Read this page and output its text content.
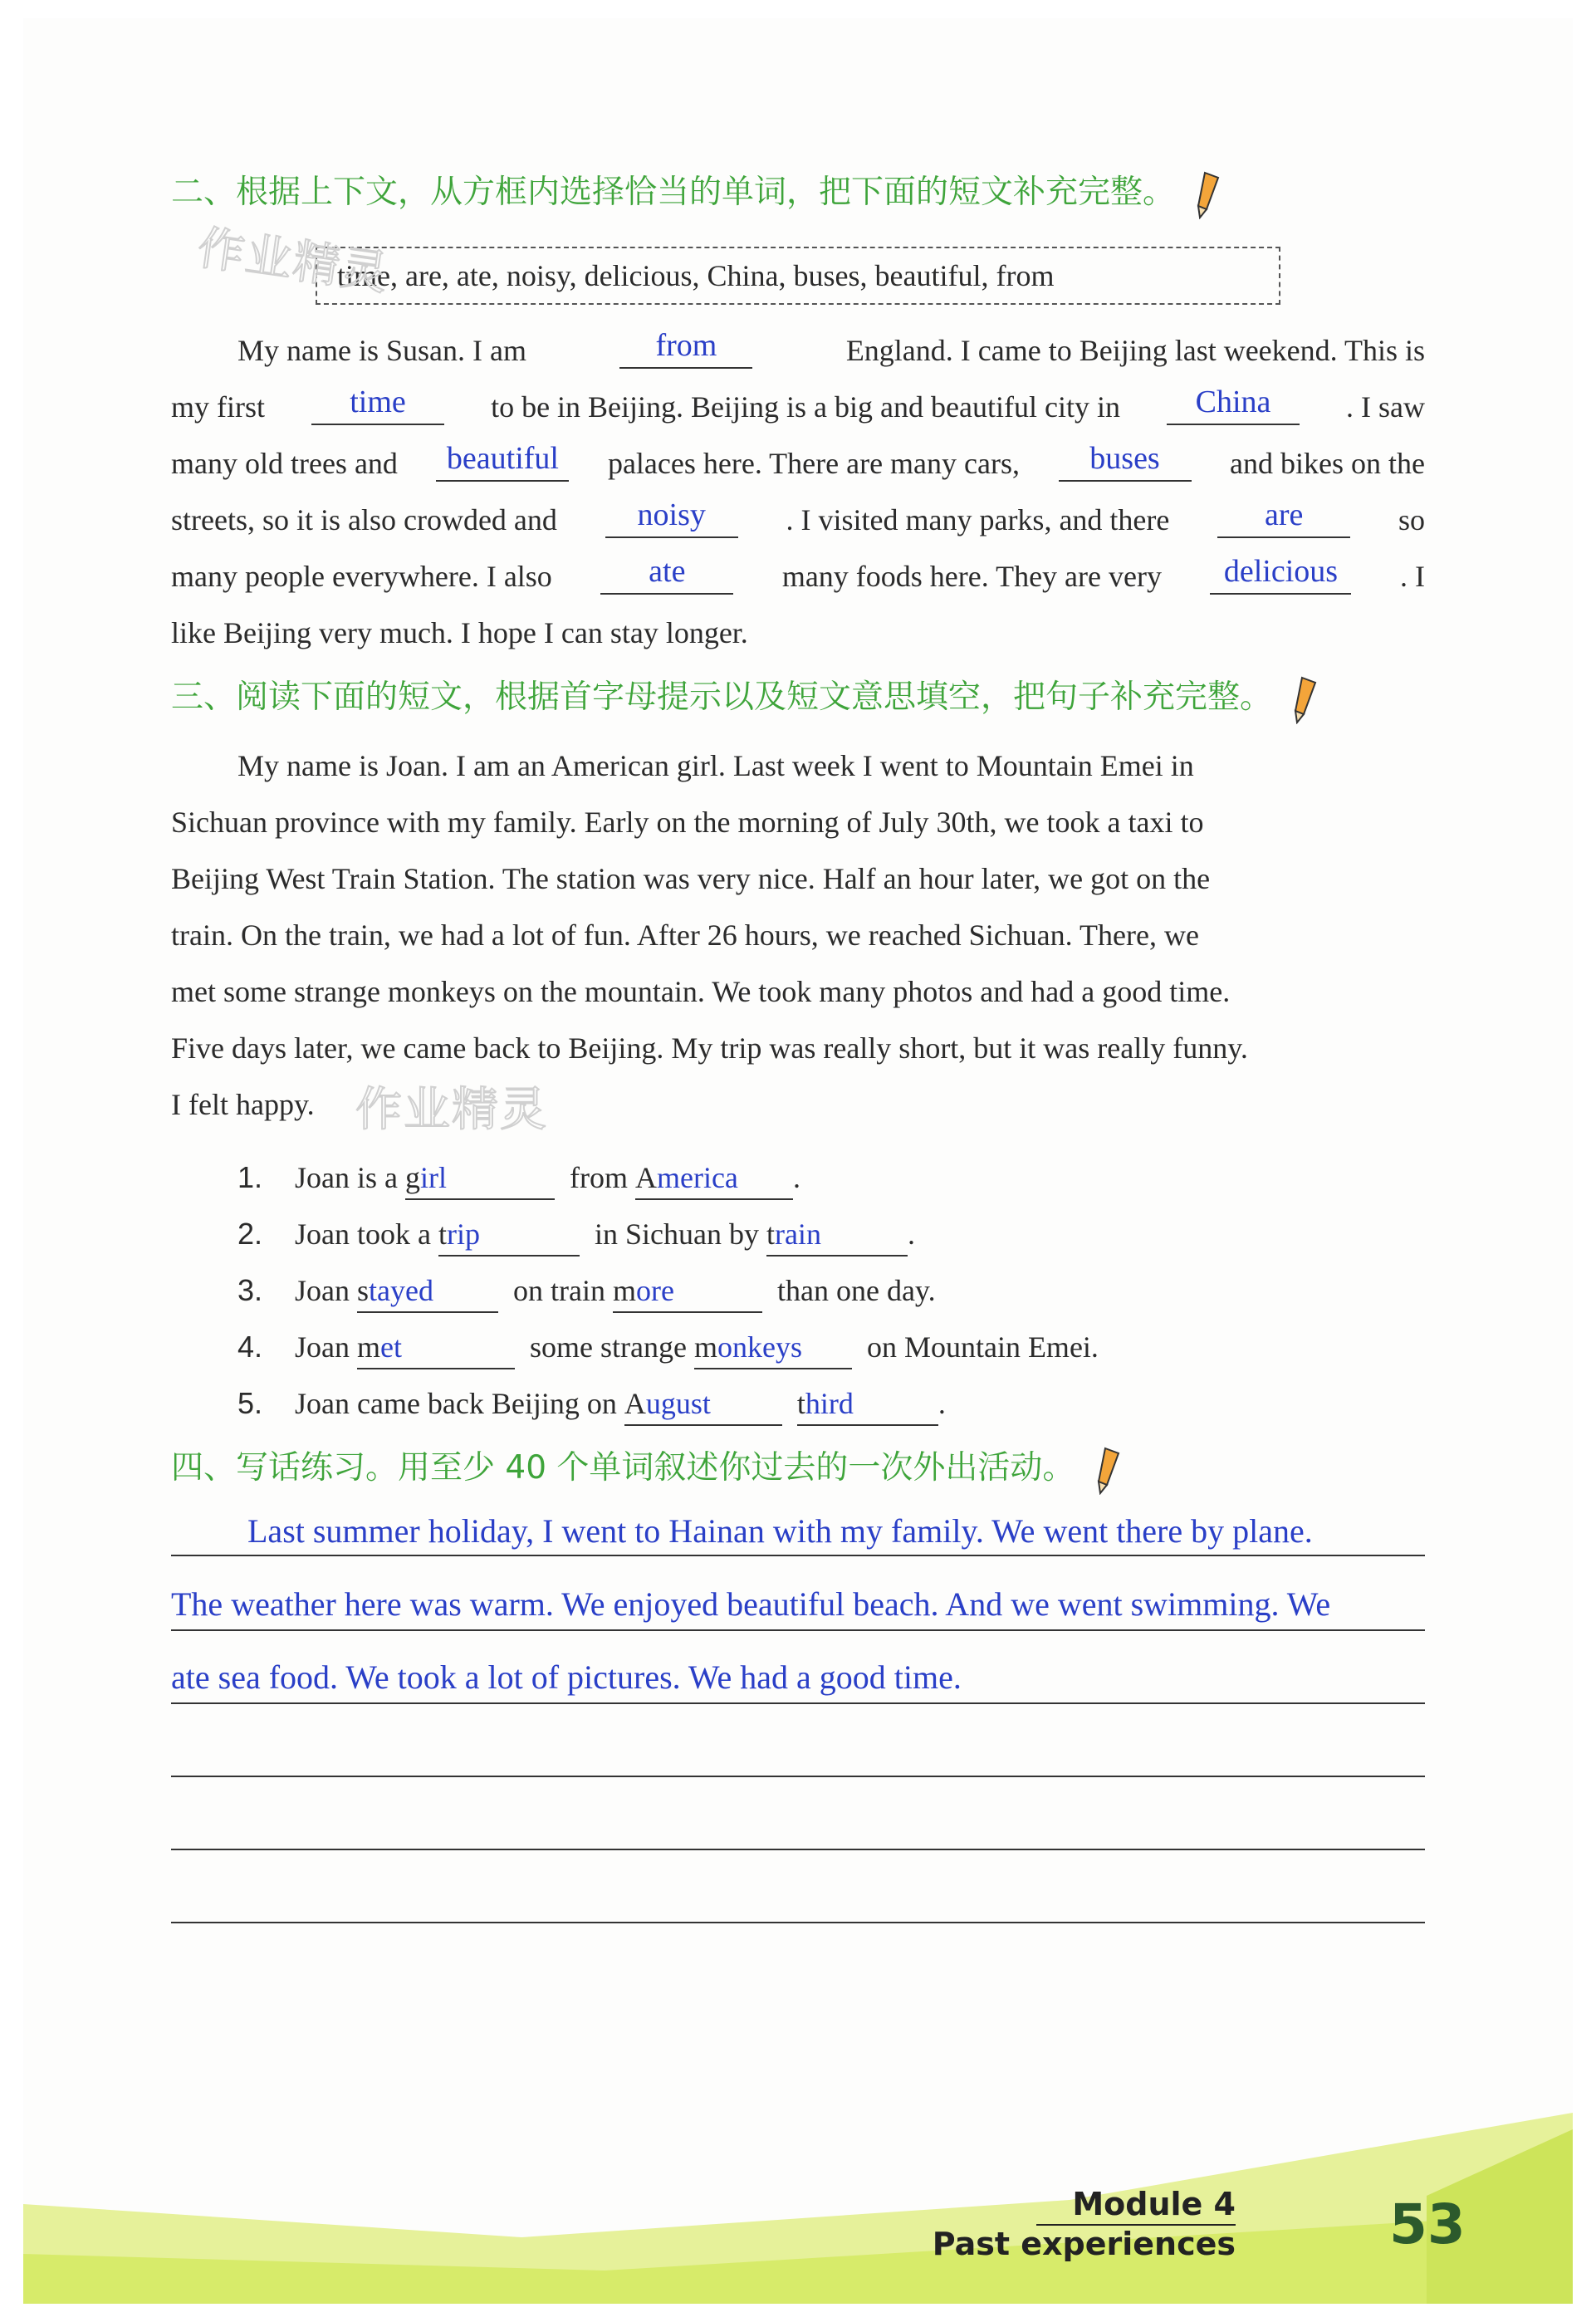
二、根据上下文，从方框内选择恰当的单词，把下面的短文补充完整。
time, are, ate, noisy, delicious, China, buses, beautiful, from
My name is Susan. I am	from	England. I came to Beijing last weekend. This is
my first	time	to be in Beijing. Beijing is a big and beautiful city in	China	. I saw
many old trees and	beautiful	palaces here. There are many cars,	buses	and bikes on the
streets, so it is also crowded and	noisy	. I visited many parks, and there	are	so
many people everywhere. I also	ate	many foods here. They are very	delicious	. I
like Beijing very much. I hope I can stay longer.
三、阅读下面的短文，根据首字母提示以及短文意思填空，把句子补充完整。
My name is Joan. I am an American girl. Last week I went to Mountain Emei in
Sichuan province with my family. Early on the morning of July 30th, we took a taxi to
Beijing West Train Station. The station was very nice. Half an hour later, we got on the
train. On the train, we had a lot of fun. After 26 hours, we reached Sichuan. There, we
met some strange monkeys on the mountain. We took many photos and had a good time.
Five days later, we came back to Beijing. My trip was really short, but it was really funny.
I felt happy.
1. Joan is a girl	from America .
2. Joan took a trip	in Sichuan by train	.
3. Joan stayed	on train more	than one day.
4. Joan met	some strange monkeys on Mountain Emei.
5. Joan came back Beijing on August	third	.
四、写话练习。用至少 40 个单词叙述你过去的一次外出活动。
Last summer holiday, I went to Hainan with my family. We went there by plane.
The weather here was warm. We enjoyed beautiful beach. And we went swimming. We
ate sea food. We took a lot of pictures. We had a good time.
作业精灵
作业精灵
Module 4
Past experiences	53
